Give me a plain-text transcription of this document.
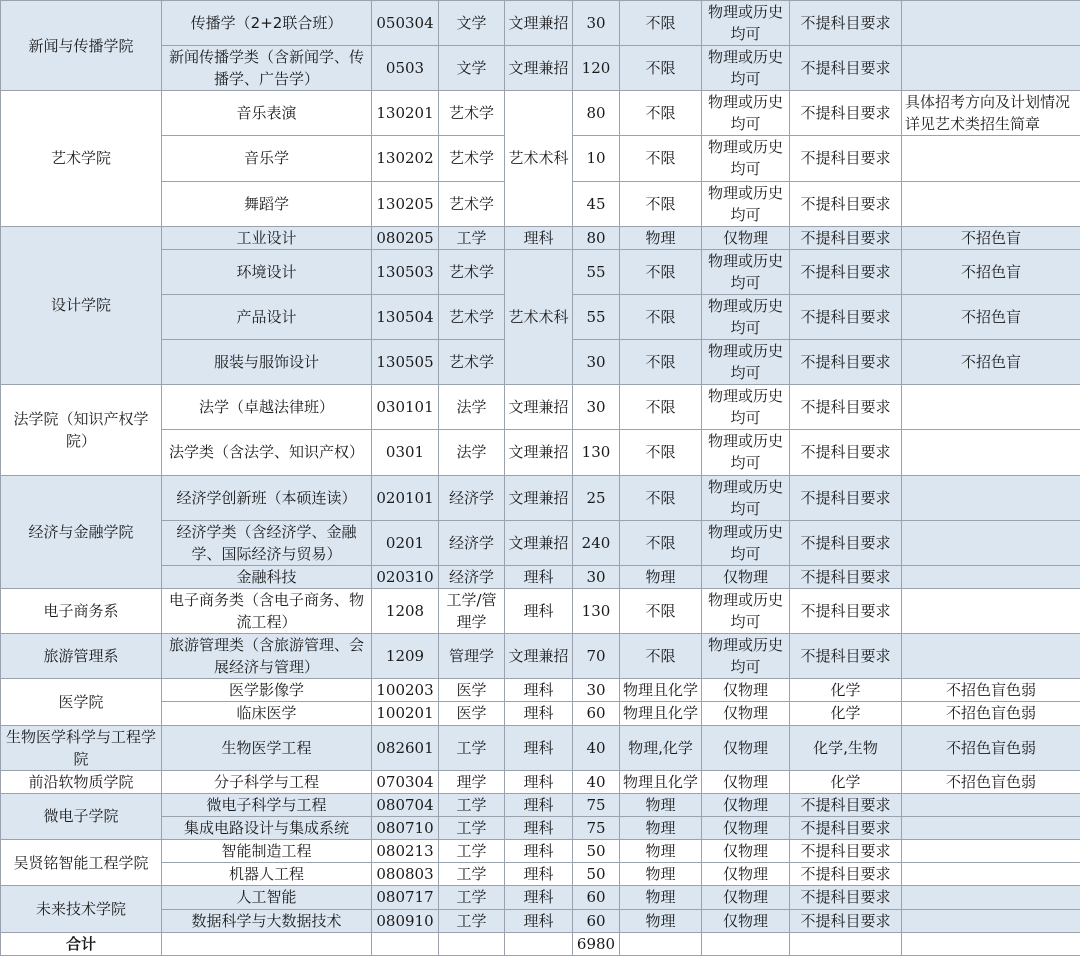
新闻与传播学院	传播学（2+2联合班）	050304	文学	文理兼招	30	不限	物理或历史均可	不提科目要求	
	新闻传播学类（含新闻学、传播学、广告学）	0503	文学	文理兼招	120	不限	物理或历史均可	不提科目要求	
艺术学院	音乐表演	130201	艺术学	艺术术科	80	不限	物理或历史均可	不提科目要求	具体招考方向及计划情况详见艺术类招生简章
	音乐学	130202	艺术学		10	不限	物理或历史均可	不提科目要求	
	舞蹈学	130205	艺术学		45	不限	物理或历史均可	不提科目要求	
设计学院	工业设计	080205	工学	理科	80	物理	仅物理	不提科目要求	不招色盲
	环境设计	130503	艺术学	艺术术科	55	不限	物理或历史均可	不提科目要求	不招色盲
	产品设计	130504	艺术学		55	不限	物理或历史均可	不提科目要求	不招色盲
	服装与服饰设计	130505	艺术学		30	不限	物理或历史均可	不提科目要求	不招色盲
法学院（知识产权学院）	法学（卓越法律班）	030101	法学	文理兼招	30	不限	物理或历史均可	不提科目要求	
	法学类（含法学、知识产权）	0301	法学	文理兼招	130	不限	物理或历史均可	不提科目要求	
经济与金融学院	经济学创新班（本硕连读）	020101	经济学	文理兼招	25	不限	物理或历史均可	不提科目要求	
	经济学类（含经济学、金融学、国际经济与贸易）	0201	经济学	文理兼招	240	不限	物理或历史均可	不提科目要求	
	金融科技	020310	经济学	理科	30	物理	仅物理	不提科目要求	
电子商务系	电子商务类（含电子商务、物流工程）	1208	工学/管理学	理科	130	不限	物理或历史均可	不提科目要求	
旅游管理系	旅游管理类（含旅游管理、会展经济与管理）	1209	管理学	文理兼招	70	不限	物理或历史均可	不提科目要求	
医学院	医学影像学	100203	医学	理科	30	物理且化学	仅物理	化学	不招色盲色弱
	临床医学	100201	医学	理科	60	物理且化学	仅物理	化学	不招色盲色弱
生物医学科学与工程学院	生物医学工程	082601	工学	理科	40	物理,化学	仅物理	化学,生物	不招色盲色弱
前沿软物质学院	分子科学与工程	070304	理学	理科	40	物理且化学	仅物理	化学	不招色盲色弱
微电子学院	微电子科学与工程	080704	工学	理科	75	物理	仅物理	不提科目要求	
	集成电路设计与集成系统	080710	工学	理科	75	物理	仅物理	不提科目要求	
吴贤铭智能工程学院	智能制造工程	080213	工学	理科	50	物理	仅物理	不提科目要求	
	机器人工程	080803	工学	理科	50	物理	仅物理	不提科目要求	
未来技术学院	人工智能	080717	工学	理科	60	物理	仅物理	不提科目要求	
	数据科学与大数据技术	080910	工学	理科	60	物理	仅物理	不提科目要求	
合计					6980				
